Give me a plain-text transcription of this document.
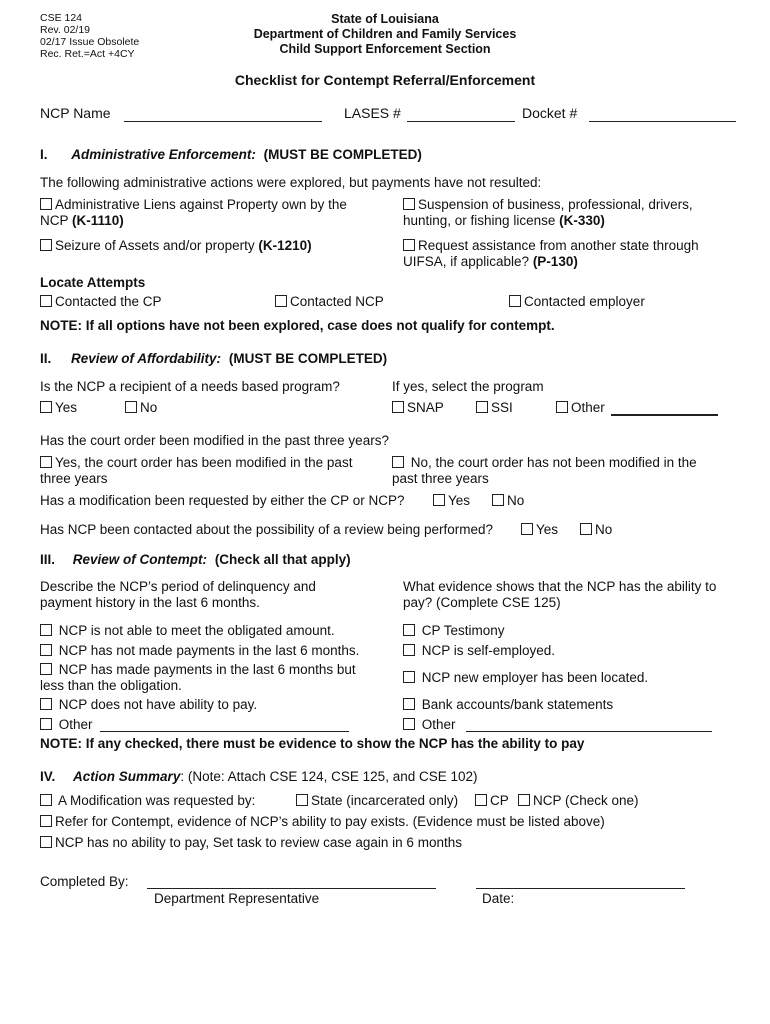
CSE 124
Rev. 02/19
02/17 Issue Obsolete
Rec. Ret.=Act +4CY
State of Louisiana
Department of Children and Family Services
Child Support Enforcement Section
Checklist for Contempt Referral/Enforcement
NCP Name	LASES #	Docket #
I. Administrative Enforcement: (MUST BE COMPLETED)
The following administrative actions were explored, but payments have not resulted:
Administrative Liens against Property own by the
NCP (K-1110)
Suspension of business, professional, drivers,
hunting, or fishing license (K-330)
Seizure of Assets and/or property (K-1210)	Request assistance from another state through
UIFSA, if applicable? (P-130)
Locate Attempts
Contacted the CP	Contacted NCP	Contacted employer
NOTE: If all options have not been explored, case does not qualify for contempt.
II. Review of Affordability: (MUST BE COMPLETED)
Is the NCP a recipient of a needs based program?	If yes, select the program
Yes	No	SNAP	SSI	Other
Has the court order been modified in the past three years?
Yes, the court order has been modified in the past
three years
No, the court order has not been modified in the
past three years
Has a modification been requested by either the CP or NCP?	Yes	No
Has NCP been contacted about the possibility of a review being performed?	Yes	No
III. Review of Contempt: (Check all that apply)
Describe the NCP’s period of delinquency and
payment history in the last 6 months.
What evidence shows that the NCP has the ability to
pay? (Complete CSE 125)
NCP is not able to meet the obligated amount.
NCP has not made payments in the last 6 months.
NCP has made payments in the last 6 months but
less than the obligation.
NCP does not have ability to pay.
Other
CP Testimony
NCP is self-employed.
NCP new employer has been located.
Bank accounts/bank statements
Other
NOTE: If any checked, there must be evidence to show the NCP has the ability to pay
IV. Action Summary: (Note: Attach CSE 124, CSE 125, and CSE 102)
A Modification was requested by:	State (incarcerated only)	CP	NCP (Check one)
Refer for Contempt, evidence of NCP’s ability to pay exists. (Evidence must be listed above)
NCP has no ability to pay, Set task to review case again in 6 months
Completed By:
Department Representative	Date:
